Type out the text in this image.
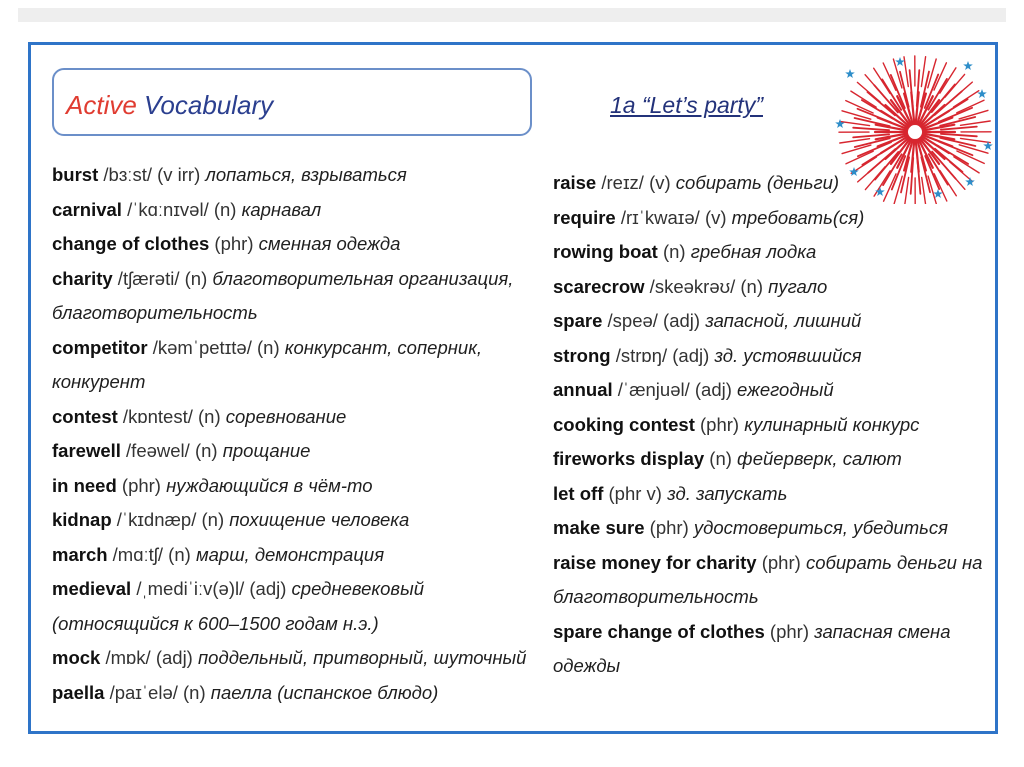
Active Vocabulary	1a “Let’s party”
burst /bɜːst/ (v irr) лопаться, взрываться
carnival /ˈkɑːnɪvəl/ (n) карнавал
change of clothes (phr) сменная одежда
charity /tʃærəti/ (n) благотворительная организация,
благотворительность
competitor /kəmˈpetɪtə/ (n) конкурсант, соперник,
конкурент
contest /kɒntest/ (n) соревнование
farewell /feəwel/ (n) прощание
in need (phr) нуждающийся в чём-то
kidnap /ˈkɪdnæp/ (n) похищение человека
march /mɑːtʃ/ (n) марш, демонстрация
medieval /ˌmediˈiːv(ə)l/ (adj) средневековый
(относящийся к 600–1500 годам н.э.)
mock /mɒk/ (adj) поддельный, притворный, шуточный
paella /paɪˈelə/ (n) паелла (испанское блюдо)
raise /reɪz/ (v) собирать (деньги)
require /rɪˈkwaɪə/ (v) требовать(ся)
rowing boat (n) гребная лодка
scarecrow /skeəkrəʊ/ (n) пугало
spare /speə/ (adj) запасной, лишний
strong /strɒŋ/ (adj) зд. устоявшийся
annual /ˈænjuəl/ (adj) ежегодный
cooking contest (phr) кулинарный конкурс
fireworks display (n) фейерверк, салют
let off (phr v) зд. запускать
make sure (phr) удостовериться, убедиться
raise money for charity (phr) собирать деньги на
благотворительность
spare change of clothes (phr) запасная смена
одежды
